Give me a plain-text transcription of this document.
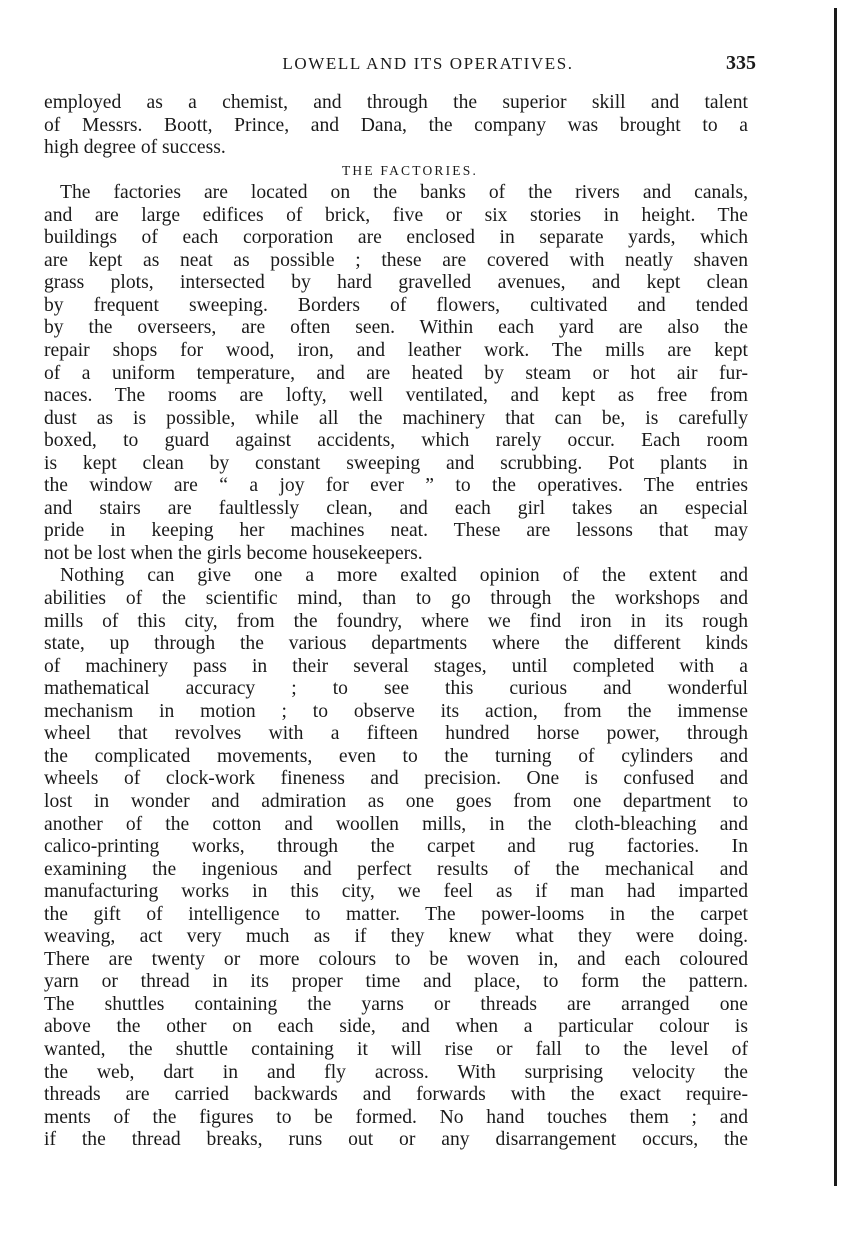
LOWELL AND ITS OPERATIVES.	335
employed as a chemist, and through the superior skill and talent
of Messrs. Boott, Prince, and Dana, the company was brought to a
high degree of success.
THE FACTORIES.
The factories are located on the banks of the rivers and canals,
and are large edifices of brick, five or six stories in height. The
buildings of each corporation are enclosed in separate yards, which
are kept as neat as possible ; these are covered with neatly shaven
grass plots, intersected by hard gravelled avenues, and kept clean
by frequent sweeping. Borders of flowers, cultivated and tended
by the overseers, are often seen. Within each yard are also the
repair shops for wood, iron, and leather work. The mills are kept
of a uniform temperature, and are heated by steam or hot air fur-
naces. The rooms are lofty, well ventilated, and kept as free from
dust as is possible, while all the machinery that can be, is carefully
boxed, to guard against accidents, which rarely occur. Each room
is kept clean by constant sweeping and scrubbing. Pot plants in
the window are “ a joy for ever ” to the operatives. The entries
and stairs are faultlessly clean, and each girl takes an especial
pride in keeping her machines neat. These are lessons that may
not be lost when the girls become housekeepers.
Nothing can give one a more exalted opinion of the extent and
abilities of the scientific mind, than to go through the workshops and
mills of this city, from the foundry, where we find iron in its rough
state, up through the various departments where the different kinds
of machinery pass in their several stages, until completed with a
mathematical accuracy ; to see this curious and wonderful
mechanism in motion ; to observe its action, from the immense
wheel that revolves with a fifteen hundred horse power, through
the complicated movements, even to the turning of cylinders and
wheels of clock-work fineness and precision. One is confused and
lost in wonder and admiration as one goes from one department to
another of the cotton and woollen mills, in the cloth-bleaching and
calico-printing works, through the carpet and rug factories. In
examining the ingenious and perfect results of the mechanical and
manufacturing works in this city, we feel as if man had imparted
the gift of intelligence to matter. The power-looms in the carpet
weaving, act very much as if they knew what they were doing.
There are twenty or more colours to be woven in, and each coloured
yarn or thread in its proper time and place, to form the pattern.
The shuttles containing the yarns or threads are arranged one
above the other on each side, and when a particular colour is
wanted, the shuttle containing it will rise or fall to the level of
the web, dart in and fly across. With surprising velocity the
threads are carried backwards and forwards with the exact require-
ments of the figures to be formed. No hand touches them ; and
if the thread breaks, runs out or any disarrangement occurs, the
